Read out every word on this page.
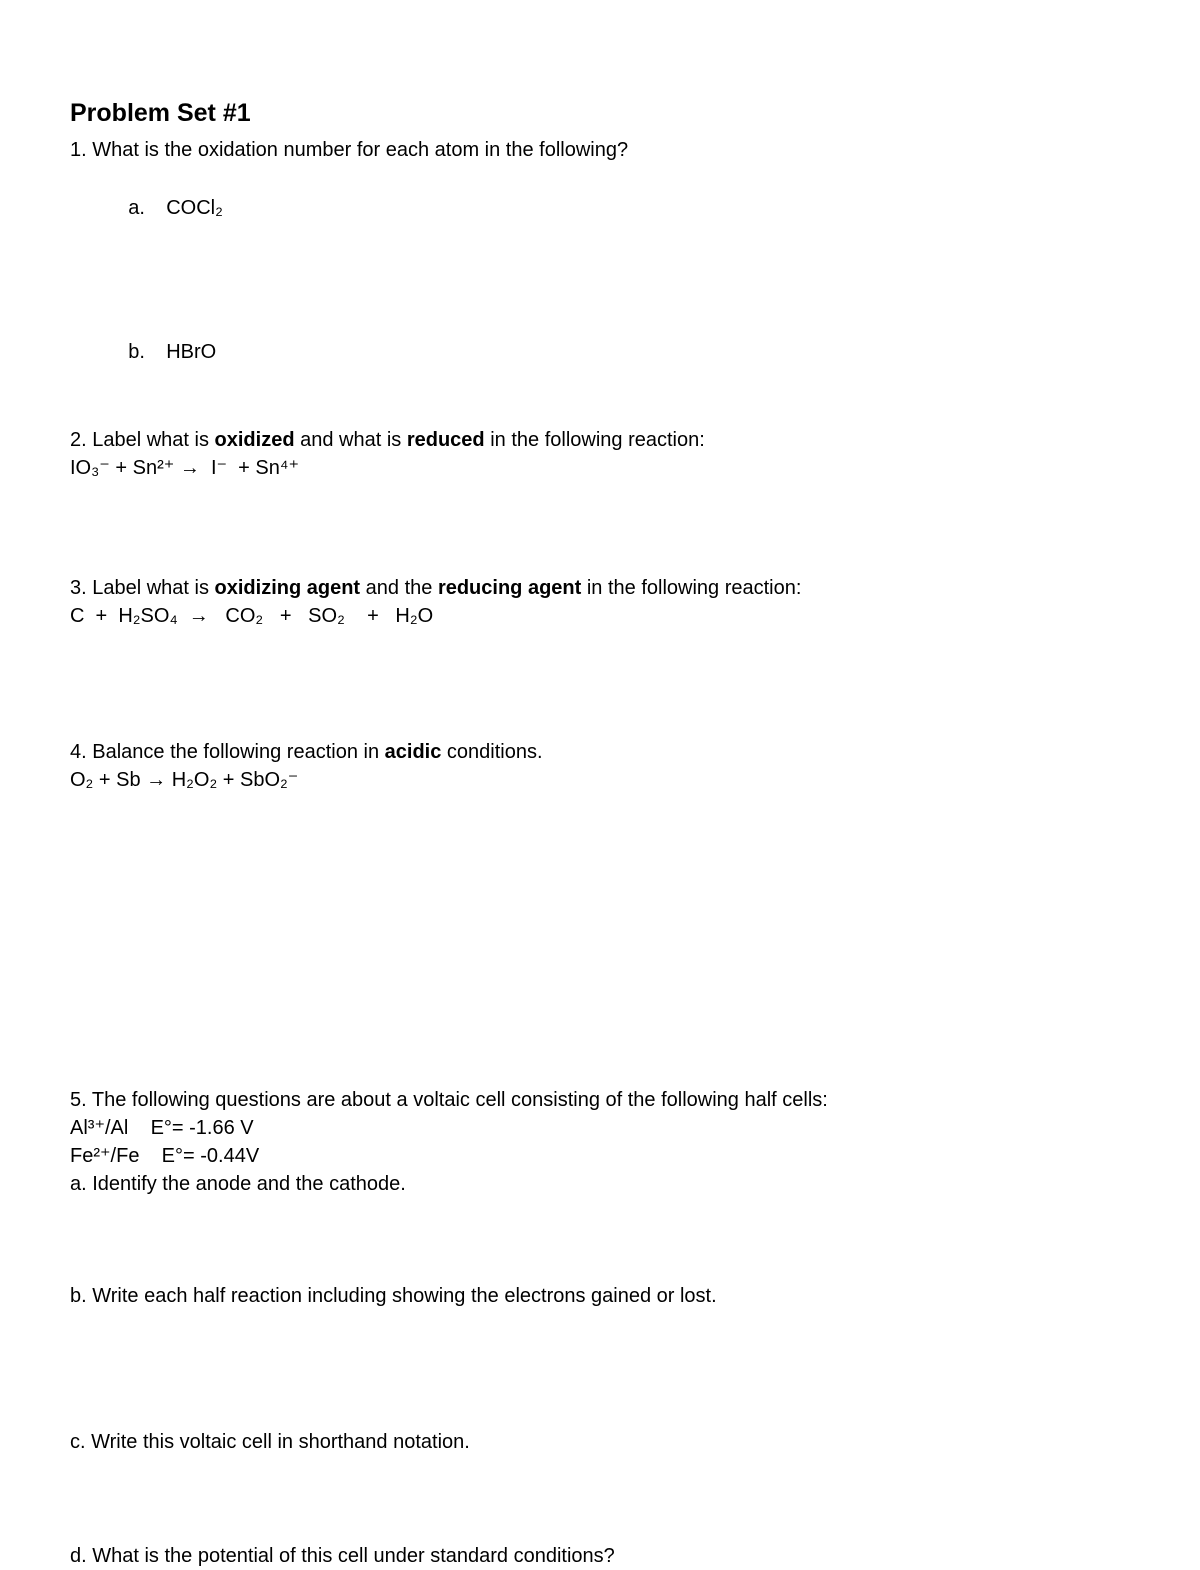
Problem Set #1

1. What is the oxidation number for each atom in the following?

a. COCl₂

b. HBrO

2. Label what is oxidized and what is reduced in the following reaction:

IO₃⁻ + Sn²⁺ →  I⁻  + Sn⁴⁺

3. Label what is oxidizing agent and the reducing agent in the following reaction:

C  +  H₂SO₄  →   CO₂   +   SO₂    +   H₂O

4. Balance the following reaction in acidic conditions.

O₂ + Sb → H₂O₂ + SbO₂⁻

5. The following questions are about a voltaic cell consisting of the following half cells:

Al³⁺/Al    E°= -1.66 V

Fe²⁺/Fe    E°= -0.44V

a. Identify the anode and the cathode.

b. Write each half reaction including showing the electrons gained or lost.

c. Write this voltaic cell in shorthand notation.

d. What is the potential of this cell under standard conditions?
